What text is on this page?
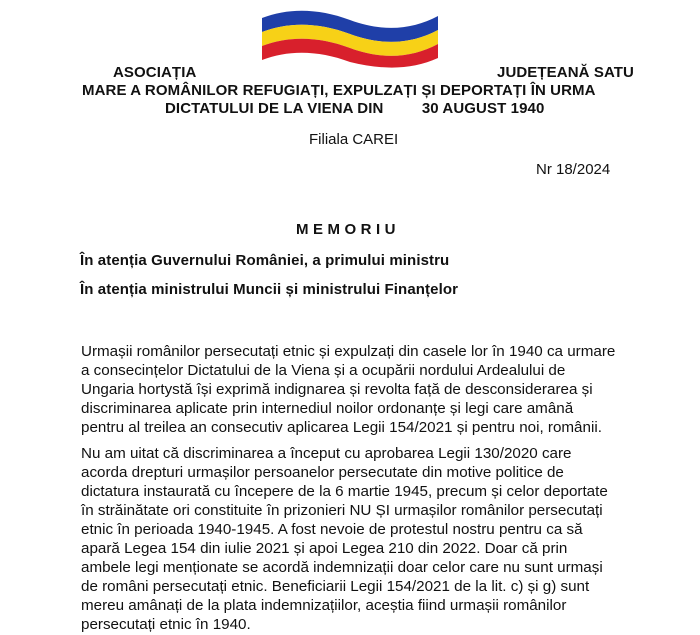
ASOCIAȚIA	JUDEȚEANĂ SATU
MARE A ROMÂNILOR REFUGIAȚI, EXPULZAȚI ȘI DEPORTAȚI ÎN URMA
DICTATULUI DE LA VIENA DIN         30 AUGUST 1940
Filiala CAREI
Nr 18/2024
MEMORIU
În atenția Guvernului României, a primului ministru
În atenția ministrului Muncii și ministrului Finanțelor
Urmașii românilor persecutați etnic și expulzați din casele lor în 1940 ca urmare
a consecințelor Dictatului de la Viena și a ocupării nordului Ardealului de
Ungaria hortystă își exprimă indignarea și revolta față de desconsiderarea și
discriminarea aplicate prin internediul noilor ordonanțe și legi care amână
pentru al treilea an consecutiv aplicarea Legii 154/2021 și pentru noi, românii.
Nu am uitat că discriminarea a început cu aprobarea Legii 130/2020 care
acorda drepturi urmașilor persoanelor persecutate din motive politice de
dictatura instaurată cu începere de la 6 martie 1945, precum și celor deportate
în străinătate ori constituite în prizonieri NU ȘI urmașilor românilor persecutați
etnic în perioada 1940-1945. A fost nevoie de protestul nostru pentru ca să
apară Legea 154 din iulie 2021 și apoi Legea 210 din 2022. Doar că prin
ambele legi menționate se acordă indemnizații doar celor care nu sunt urmași
de români persecutați etnic. Beneficiarii Legii 154/2021 de la lit. c) și g) sunt
mereu amânați de la plata indemnizațiilor, aceștia fiind urmașii românilor
persecutați etnic în 1940.
